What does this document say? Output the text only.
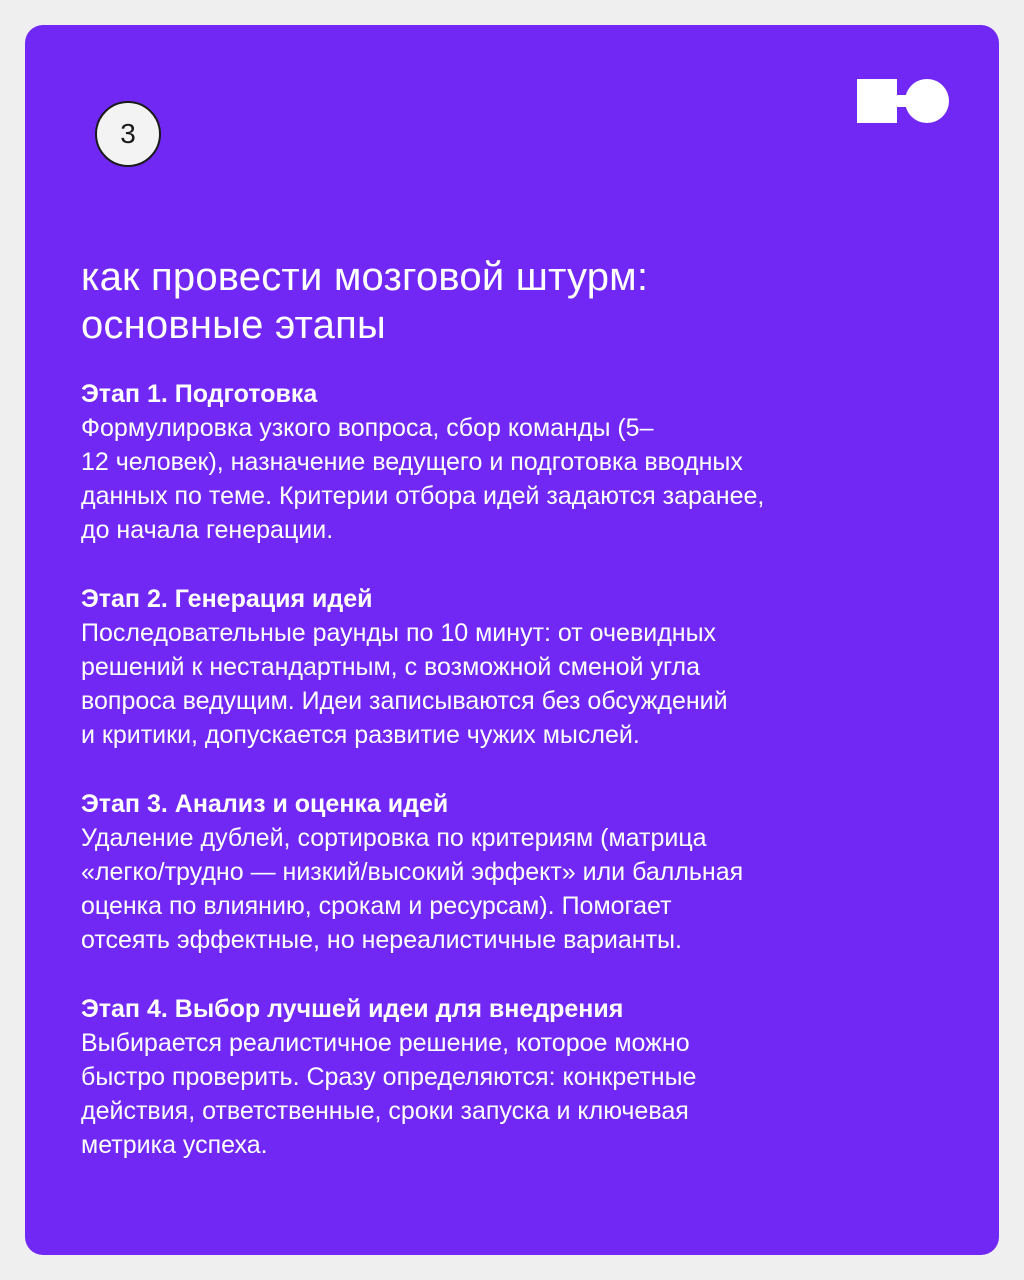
3
как провести мозговой штурм:
основные этапы

Этап 1. Подготовка

Формулировка узкого вопроса, сбор команды (5–
12 человек), назначение ведущего и подготовка вводных
данных по теме. Критерии отбора идей задаются заранее,
до начала генерации.

Этап 2. Генерация идей

Последовательные раунды по 10 минут: от очевидных
решений к нестандартным, с возможной сменой угла
вопроса ведущим. Идеи записываются без обсуждений
и критики, допускается развитие чужих мыслей.

Этап 3. Анализ и оценка идей

Удаление дублей, сортировка по критериям (матрица
«легко/трудно — низкий/высокий эффект» или балльная
оценка по влиянию, срокам и ресурсам). Помогает
отсеять эффектные, но нереалистичные варианты.

Этап 4. Выбор лучшей идеи для внедрения

Выбирается реалистичное решение, которое можно
быстро проверить. Сразу определяются: конкретные
действия, ответственные, сроки запуска и ключевая
метрика успеха.
